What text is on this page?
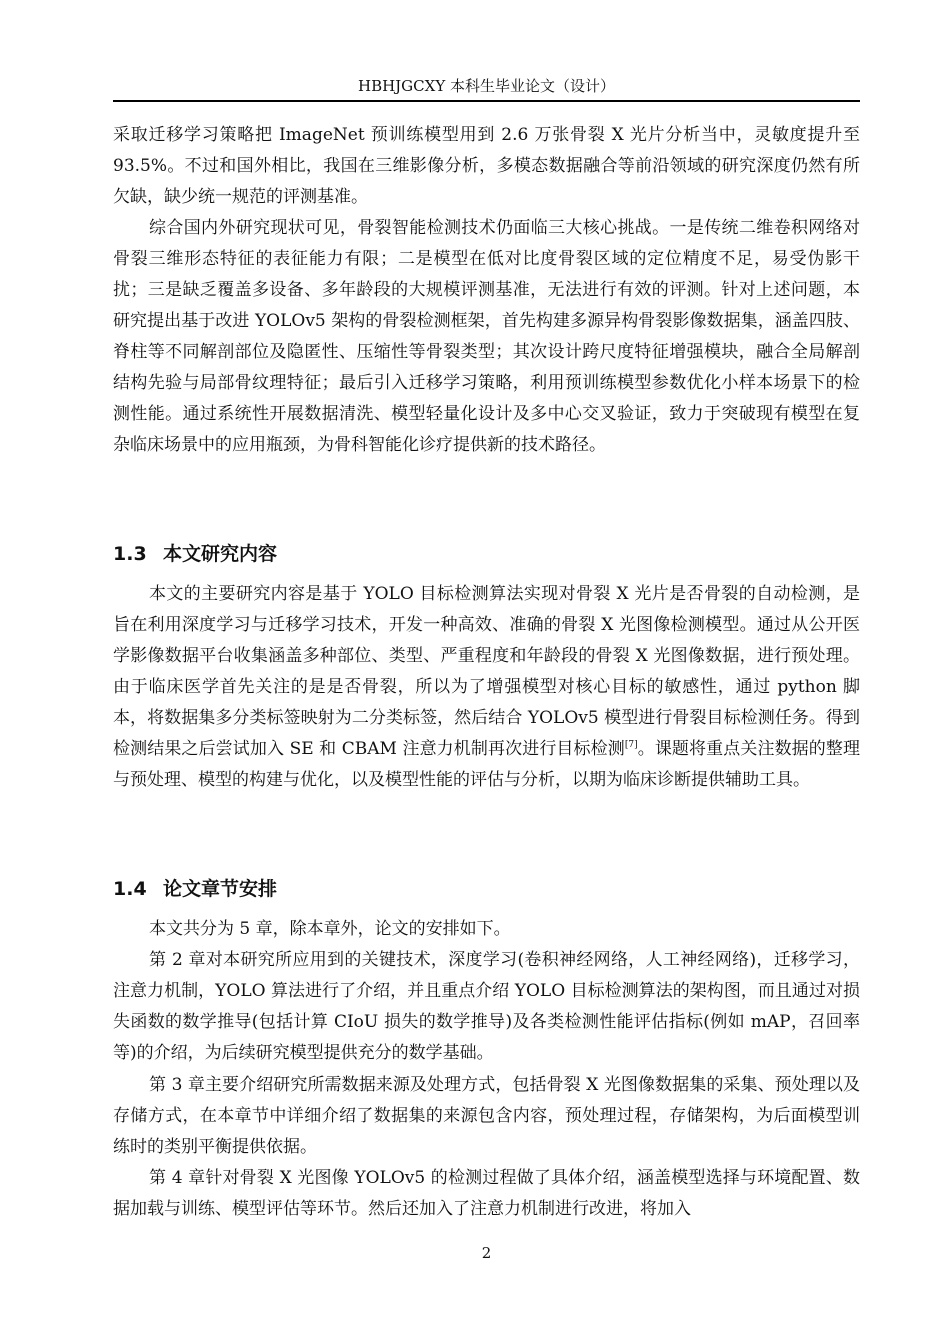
HBHJGCXY 本科生毕业论文（设计）

采取迁移学习策略把 ImageNet 预训练模型用到 2.6 万张骨裂 X 光片分析当中，灵敏度提升至 93.5%。不过和国外相比，我国在三维影像分析，多模态数据融合等前沿领域的研究深度仍然有所欠缺，缺少统一规范的评测基准。

综合国内外研究现状可见，骨裂智能检测技术仍面临三大核心挑战。一是传统二维卷积网络对骨裂三维形态特征的表征能力有限；二是模型在低对比度骨裂区域的定位精度不足，易受伪影干扰；三是缺乏覆盖多设备、多年龄段的大规模评测基准，无法进行有效的评测。针对上述问题，本研究提出基于改进 YOLOv5 架构的骨裂检测框架，首先构建多源异构骨裂影像数据集，涵盖四肢、脊柱等不同解剖部位及隐匿性、压缩性等骨裂类型；其次设计跨尺度特征增强模块，融合全局解剖结构先验与局部骨纹理特征；最后引入迁移学习策略，利用预训练模型参数优化小样本场景下的检测性能。通过系统性开展数据清洗、模型轻量化设计及多中心交叉验证，致力于突破现有模型在复杂临床场景中的应用瓶颈，为骨科智能化诊疗提供新的技术路径。

1.3 本文研究内容

本文的主要研究内容是基于 YOLO 目标检测算法实现对骨裂 X 光片是否骨裂的自动检测，是旨在利用深度学习与迁移学习技术，开发一种高效、准确的骨裂 X 光图像检测模型。通过从公开医学影像数据平台收集涵盖多种部位、类型、严重程度和年龄段的骨裂 X 光图像数据，进行预处理。由于临床医学首先关注的是是否骨裂，所以为了增强模型对核心目标的敏感性，通过 python 脚本，将数据集多分类标签映射为二分类标签，然后结合 YOLOv5 模型进行骨裂目标检测任务。得到检测结果之后尝试加入 SE 和 CBAM 注意力机制再次进行目标检测[7]。课题将重点关注数据的整理与预处理、模型的构建与优化，以及模型性能的评估与分析，以期为临床诊断提供辅助工具。

1.4 论文章节安排

本文共分为 5 章，除本章外，论文的安排如下。

第 2 章对本研究所应用到的关键技术，深度学习(卷积神经网络，人工神经网络)，迁移学习，注意力机制，YOLO 算法进行了介绍，并且重点介绍 YOLO 目标检测算法的架构图，而且通过对损失函数的数学推导(包括计算 CIoU 损失的数学推导)及各类检测性能评估指标(例如 mAP，召回率等)的介绍，为后续研究模型提供充分的数学基础。

第 3 章主要介绍研究所需数据来源及处理方式，包括骨裂 X 光图像数据集的采集、预处理以及存储方式，在本章节中详细介绍了数据集的来源包含内容，预处理过程，存储架构，为后面模型训练时的类别平衡提供依据。

第 4 章针对骨裂 X 光图像 YOLOv5 的检测过程做了具体介绍，涵盖模型选择与环境配置、数据加载与训练、模型评估等环节。然后还加入了注意力机制进行改进，将加入

2
